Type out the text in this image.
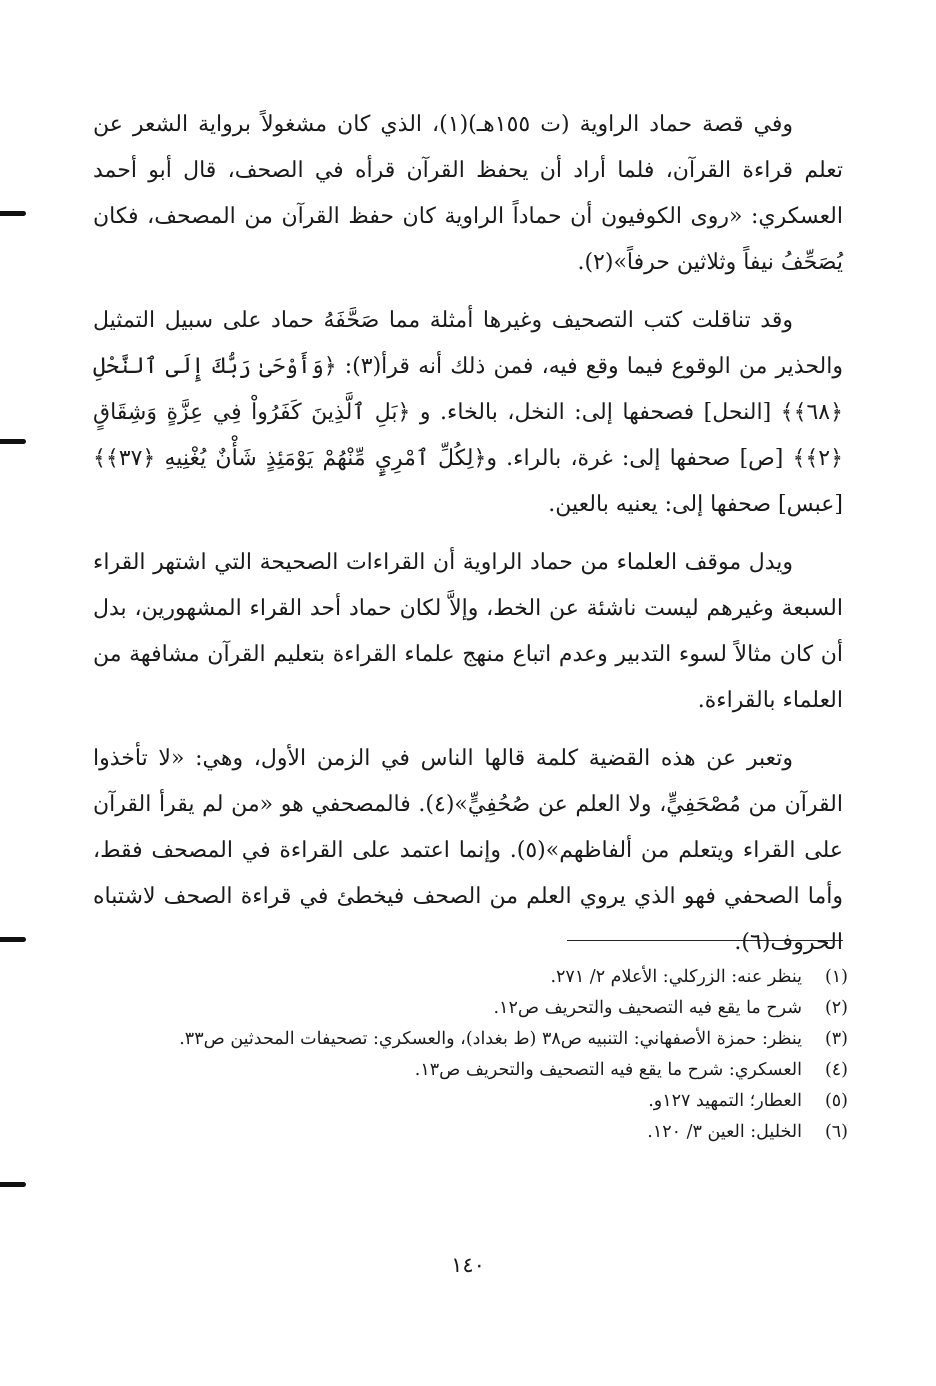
وفي قصة حماد الراوية (ت ١٥٥هـ)(١)، الذي كان مشغولاً برواية الشعر عن تعلم قراءة القرآن، فلما أراد أن يحفظ القرآن قرأه في الصحف، قال أبو أحمد العسكري: «روى الكوفيون أن حماداً الراوية كان حفظ القرآن من المصحف، فكان يُصَحِّفُ نيفاً وثلاثين حرفاً»(٢).

وقد تناقلت كتب التصحيف وغيرها أمثلة مما صَحَّفَهُ حماد على سبيل التمثيل والحذير من الوقوع فيما وقع فيه، فمن ذلك أنه قرأ(٣): ﴿وَأَوْحَىٰ رَبُّكَ إِلَى ٱلنَّحْلِ ﴿٦٨﴾﴾ [النحل] فصحفها إلى: النخل، بالخاء. و ﴿بَلِ ٱلَّذِينَ كَفَرُواْ فِي عِزَّةٍ وَشِقَاقٍ ﴿٢﴾﴾ [ص] صحفها إلى: غرة، بالراء. و﴿لِكُلِّ ٱمْرِيٍٕ مِّنْهُمْ يَوْمَئِذٍ شَأْنٌ يُغْنِيهِ ﴿٣٧﴾﴾ [عبس] صحفها إلى: يعنيه بالعين.

ويدل موقف العلماء من حماد الراوية أن القراءات الصحيحة التي اشتهر القراء السبعة وغيرهم ليست ناشئة عن الخط، وإلاَّ لكان حماد أحد القراء المشهورين، بدل أن كان مثالاً لسوء التدبير وعدم اتباع منهج علماء القراءة بتعليم القرآن مشافهة من العلماء بالقراءة.

وتعبر عن هذه القضية كلمة قالها الناس في الزمن الأول، وهي: «لا تأخذوا القرآن من مُصْحَفِيٍّ، ولا العلم عن صُحُفِيٍّ»(٤). فالمصحفي هو «من لم يقرأ القرآن على القراء ويتعلم من ألفاظهم»(٥). وإنما اعتمد على القراءة في المصحف فقط، وأما الصحفي فهو الذي يروي العلم من الصحف فيخطئ في قراءة الصحف لاشتباه الحروف(٦).

(١)
ينظر عنه: الزركلي: الأعلام ٢/ ٢٧١.

(٢)
شرح ما يقع فيه التصحيف والتحريف ص١٢.

(٣)
ينظر: حمزة الأصفهاني: التنبيه ص٣٨ (ط بغداد)، والعسكري: تصحيفات المحدثين ص٣٣.

(٤)
العسكري: شرح ما يقع فيه التصحيف والتحريف ص١٣.

(٥)
العطار؛ التمهيد ١٢٧و.

(٦)
الخليل: العين ٣/ ١٢٠.

١٤٠
